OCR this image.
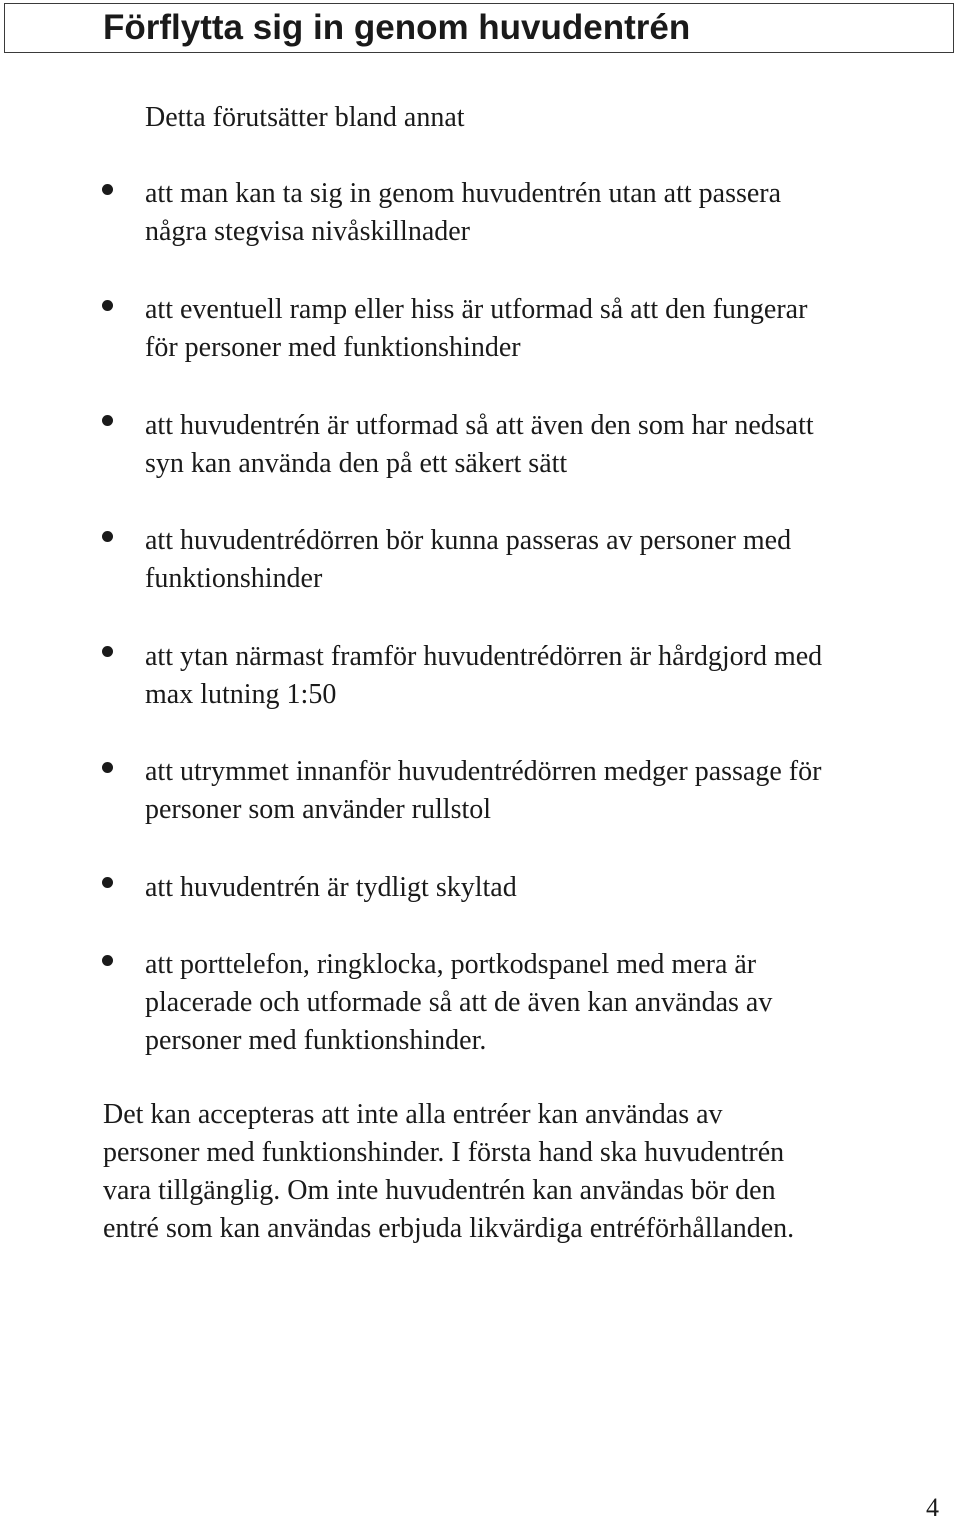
Förflytta sig in genom huvudentrén

Detta förutsätter bland annat

att man kan ta sig in genom huvudentrén utan att passera
några stegvisa nivåskillnader

att eventuell ramp eller hiss är utformad så att den fungerar
för personer med funktionshinder

att huvudentrén är utformad så att även den som har nedsatt
syn kan använda den på ett säkert sätt

att huvudentrédörren bör kunna passeras av personer med
funktionshinder

att ytan närmast framför huvudentrédörren är hårdgjord med
max lutning 1:50

att utrymmet innanför huvudentrédörren medger passage för
personer som använder rullstol

att huvudentrén är tydligt skyltad

att porttelefon, ringklocka, portkodspanel med mera är
placerade och utformade så att de även kan användas av
personer med funktionshinder.

Det kan accepteras att inte alla entréer kan användas av
personer med funktionshinder. I första hand ska huvudentrén
vara tillgänglig. Om inte huvudentrén kan användas bör den
entré som kan användas erbjuda likvärdiga entréförhållanden.

4
